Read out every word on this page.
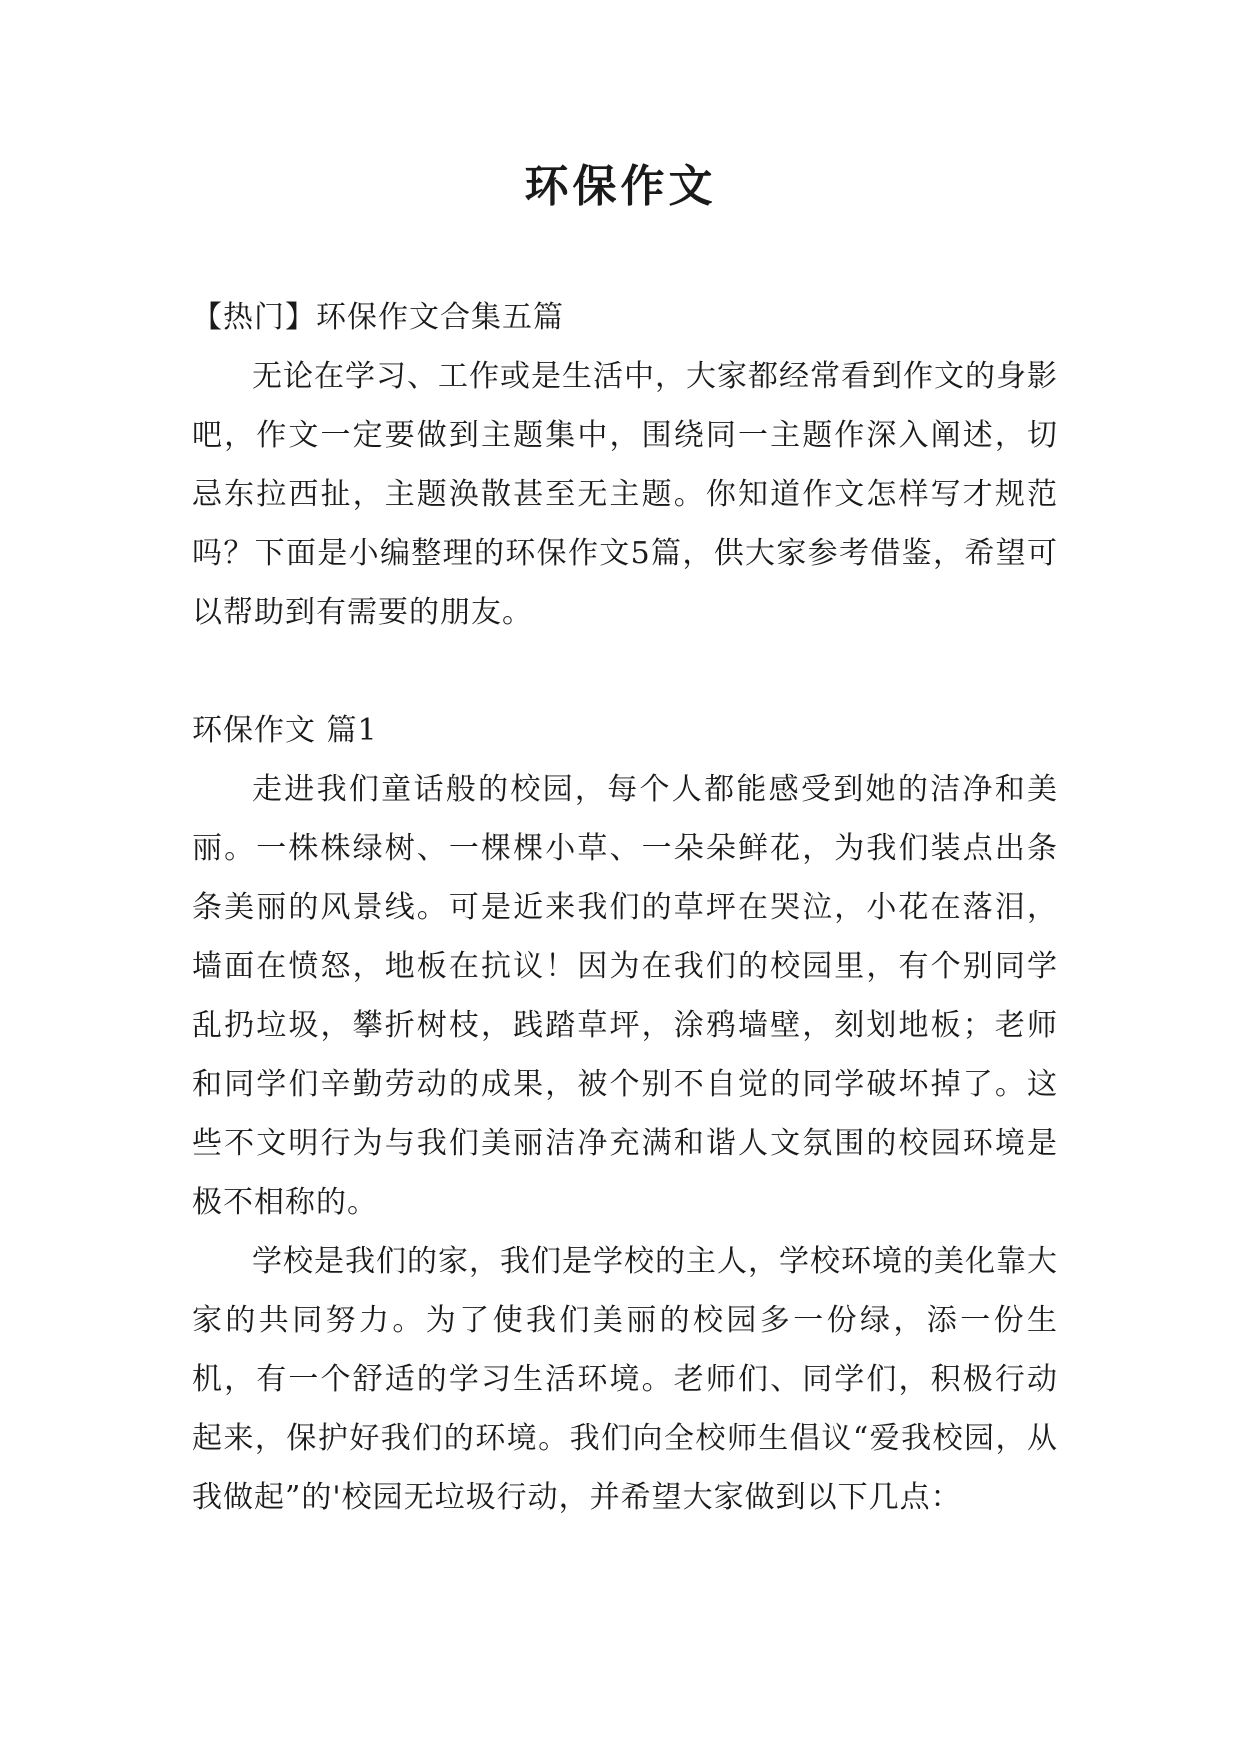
环保作文

【热门】环保作文合集五篇

无论在学习、工作或是生活中，大家都经常看到作文的身影吧，作文一定要做到主题集中，围绕同一主题作深入阐述，切忌东拉西扯，主题涣散甚至无主题。你知道作文怎样写才规范吗？下面是小编整理的环保作文5篇，供大家参考借鉴，希望可以帮助到有需要的朋友。

环保作文 篇1

走进我们童话般的校园，每个人都能感受到她的洁净和美丽。一株株绿树、一棵棵小草、一朵朵鲜花，为我们装点出条条美丽的风景线。可是近来我们的草坪在哭泣，小花在落泪，墙面在愤怒，地板在抗议！因为在我们的校园里，有个别同学乱扔垃圾，攀折树枝，践踏草坪，涂鸦墙壁，刻划地板；老师和同学们辛勤劳动的成果，被个别不自觉的同学破坏掉了。这些不文明行为与我们美丽洁净充满和谐人文氛围的校园环境是极不相称的。

学校是我们的家，我们是学校的主人，学校环境的美化靠大家的共同努力。为了使我们美丽的校园多一份绿，添一份生机，有一个舒适的学习生活环境。老师们、同学们，积极行动起来，保护好我们的环境。我们向全校师生倡议“爱我校园，从我做起”的'校园无垃圾行动，并希望大家做到以下几点：
